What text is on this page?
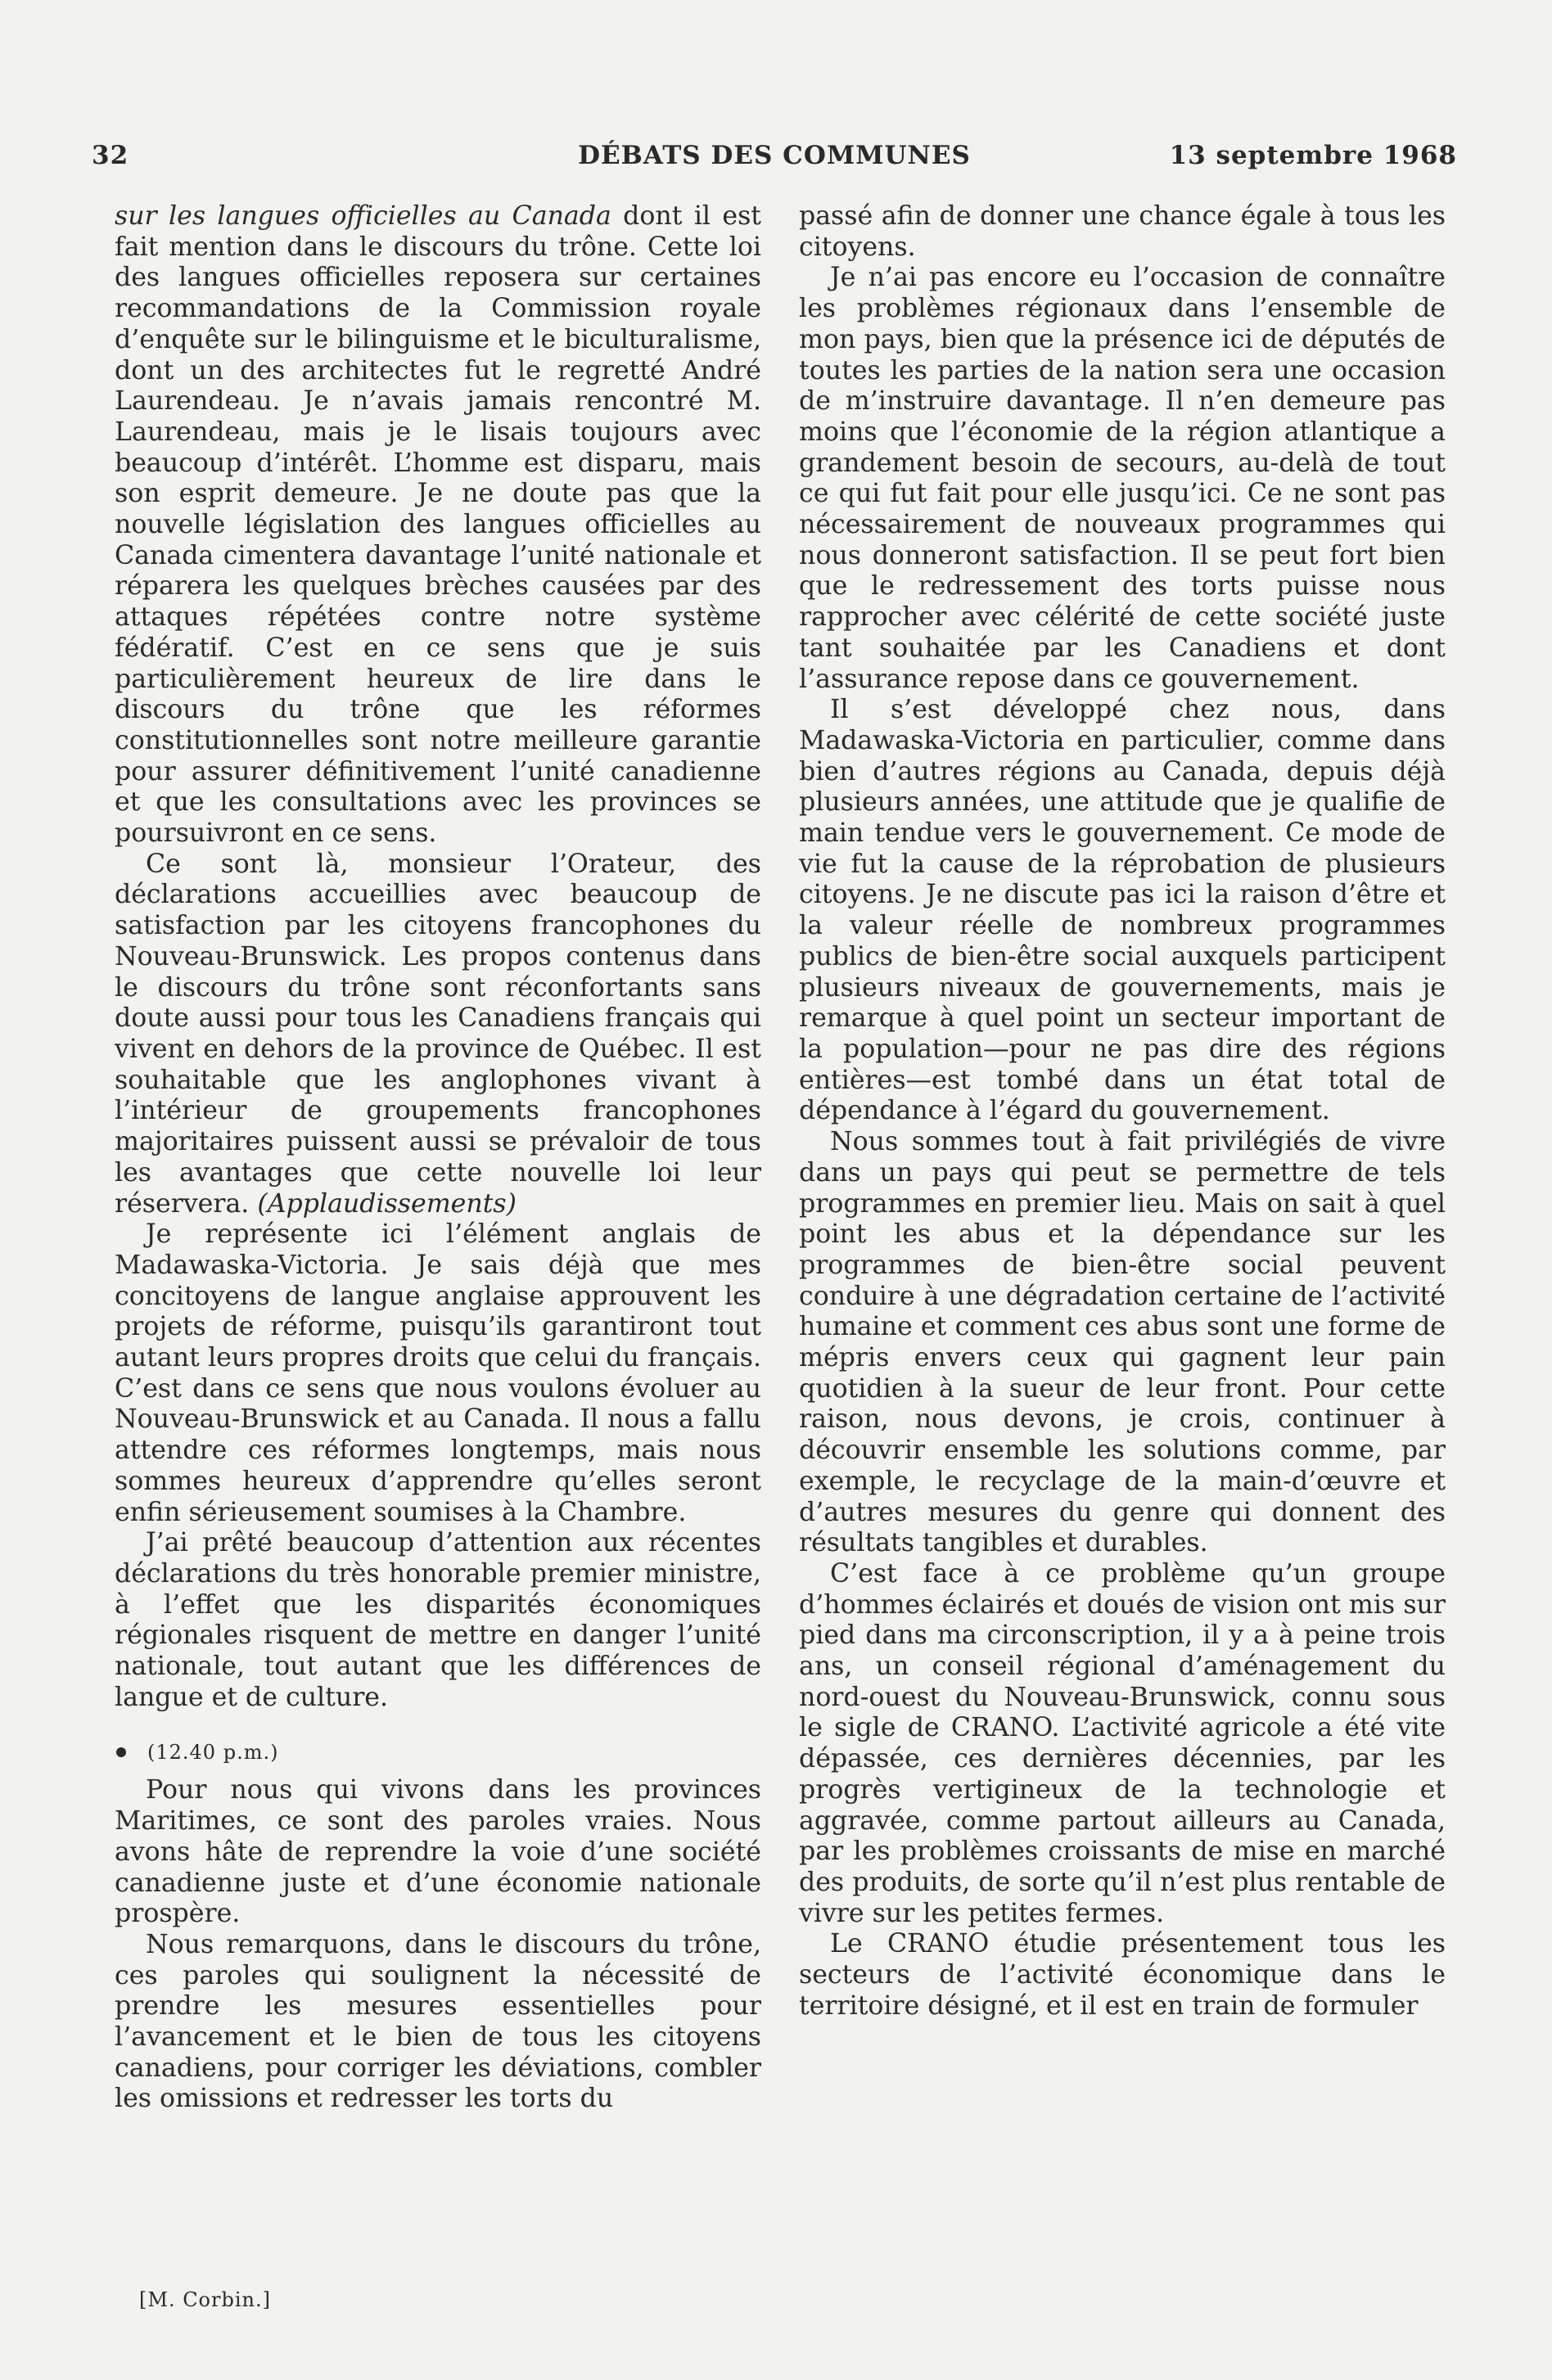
32	DÉBATS DES COMMUNES	13 septembre 1968

sur les langues officielles au Canada dont il est fait mention dans le discours du trône. Cette loi des langues officielles reposera sur certaines recommandations de la Commission royale d’enquête sur le bilinguisme et le biculturalisme, dont un des architectes fut le regretté André Laurendeau. Je n’avais jamais rencontré M. Laurendeau, mais je le lisais toujours avec beaucoup d’intérêt. L’homme est disparu, mais son esprit demeure. Je ne doute pas que la nouvelle législation des langues officielles au Canada cimentera davantage l’unité nationale et réparera les quelques brèches causées par des attaques répétées contre notre système fédératif. C’est en ce sens que je suis particulièrement heureux de lire dans le discours du trône que les réformes constitutionnelles sont notre meilleure garantie pour assurer définitivement l’unité canadienne et que les consultations avec les provinces se poursuivront en ce sens.

Ce sont là, monsieur l’Orateur, des déclarations accueillies avec beaucoup de satisfaction par les citoyens francophones du Nouveau-Brunswick. Les propos contenus dans le discours du trône sont réconfortants sans doute aussi pour tous les Canadiens français qui vivent en dehors de la province de Québec. Il est souhaitable que les anglophones vivant à l’intérieur de groupements francophones majoritaires puissent aussi se prévaloir de tous les avantages que cette nouvelle loi leur réservera. (Applaudissements)

Je représente ici l’élément anglais de Madawaska-Victoria. Je sais déjà que mes concitoyens de langue anglaise approuvent les projets de réforme, puisqu’ils garantiront tout autant leurs propres droits que celui du français. C’est dans ce sens que nous voulons évoluer au Nouveau-Brunswick et au Canada. Il nous a fallu attendre ces réformes longtemps, mais nous sommes heureux d’apprendre qu’elles seront enfin sérieusement soumises à la Chambre.

J’ai prêté beaucoup d’attention aux récentes déclarations du très honorable premier ministre, à l’effet que les disparités économiques régionales risquent de mettre en danger l’unité nationale, tout autant que les différences de langue et de culture.

(12.40 p.m.)

Pour nous qui vivons dans les provinces Maritimes, ce sont des paroles vraies. Nous avons hâte de reprendre la voie d’une société canadienne juste et d’une économie nationale prospère.

Nous remarquons, dans le discours du trône, ces paroles qui soulignent la nécessité de prendre les mesures essentielles pour l’avancement et le bien de tous les citoyens canadiens, pour corriger les déviations, combler les omissions et redresser les torts du

[M. Corbin.]

passé afin de donner une chance égale à tous les citoyens.

Je n’ai pas encore eu l’occasion de connaître les problèmes régionaux dans l’ensemble de mon pays, bien que la présence ici de députés de toutes les parties de la nation sera une occasion de m’instruire davantage. Il n’en demeure pas moins que l’économie de la région atlantique a grandement besoin de secours, au-delà de tout ce qui fut fait pour elle jusqu’ici. Ce ne sont pas nécessairement de nouveaux programmes qui nous donneront satisfaction. Il se peut fort bien que le redressement des torts puisse nous rapprocher avec célérité de cette société juste tant souhaitée par les Canadiens et dont l’assurance repose dans ce gouvernement.

Il s’est développé chez nous, dans Madawaska-Victoria en particulier, comme dans bien d’autres régions au Canada, depuis déjà plusieurs années, une attitude que je qualifie de main tendue vers le gouvernement. Ce mode de vie fut la cause de la réprobation de plusieurs citoyens. Je ne discute pas ici la raison d’être et la valeur réelle de nombreux programmes publics de bien-être social auxquels participent plusieurs niveaux de gouvernements, mais je remarque à quel point un secteur important de la population—pour ne pas dire des régions entières—est tombé dans un état total de dépendance à l’égard du gouvernement.

Nous sommes tout à fait privilégiés de vivre dans un pays qui peut se permettre de tels programmes en premier lieu. Mais on sait à quel point les abus et la dépendance sur les programmes de bien-être social peuvent conduire à une dégradation certaine de l’activité humaine et comment ces abus sont une forme de mépris envers ceux qui gagnent leur pain quotidien à la sueur de leur front. Pour cette raison, nous devons, je crois, continuer à découvrir ensemble les solutions comme, par exemple, le recyclage de la main-d’œuvre et d’autres mesures du genre qui donnent des résultats tangibles et durables.

C’est face à ce problème qu’un groupe d’hommes éclairés et doués de vision ont mis sur pied dans ma circonscription, il y a à peine trois ans, un conseil régional d’aménagement du nord-ouest du Nouveau-Brunswick, connu sous le sigle de CRANO. L’activité agricole a été vite dépassée, ces dernières décennies, par les progrès vertigineux de la technologie et aggravée, comme partout ailleurs au Canada, par les problèmes croissants de mise en marché des produits, de sorte qu’il n’est plus rentable de vivre sur les petites fermes.

Le CRANO étudie présentement tous les secteurs de l’activité économique dans le territoire désigné, et il est en train de formuler
